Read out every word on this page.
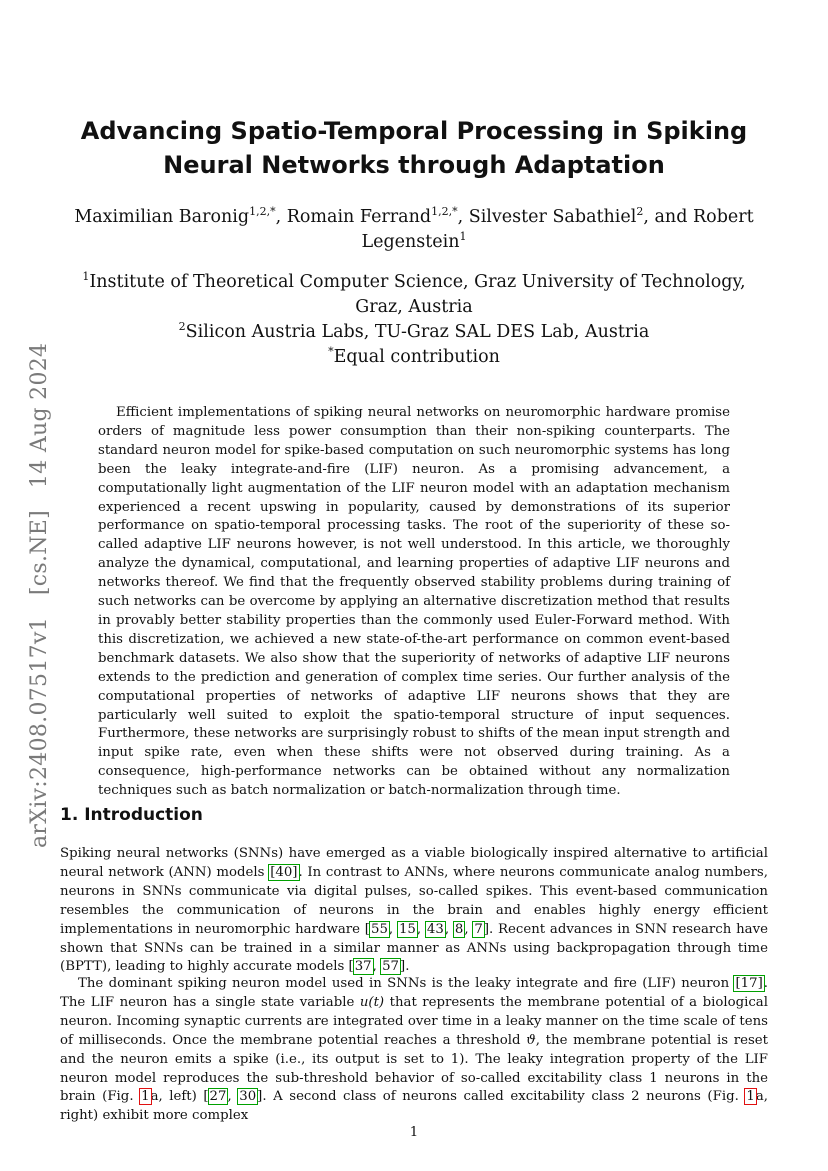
arXiv:2408.07517v1   [cs.NE]   14 Aug 2024
Advancing Spatio-Temporal Processing in Spiking
Neural Networks through Adaptation
Maximilian Baronig$^{1,2,*}$, Romain Ferrand$^{1,2,*}$, Silvester Sabathiel$^2$, and Robert Legenstein$^1$
$^1$Institute of Theoretical Computer Science, Graz University of Technology, Graz, Austria
$^2$Silicon Austria Labs, TU-Graz SAL DES Lab, Austria
*Equal contribution

Efficient implementations of spiking neural networks on neuromorphic hardware promise orders of magnitude less power consumption than their non-spiking counterparts. The standard neuron model for spike-based computation on such neuromorphic systems has long been the leaky integrate-and-fire (LIF) neuron. As a promising advancement, a computationally light augmentation of the LIF neuron model with an adaptation mechanism experienced a recent upswing in popularity, caused by demonstrations of its superior performance on spatio-temporal processing tasks. The root of the superiority of these so-called adaptive LIF neurons however, is not well understood. In this article, we thoroughly analyze the dynamical, computational, and learning properties of adaptive LIF neurons and networks thereof. We find that the frequently observed stability problems during training of such networks can be overcome by applying an alternative discretization method that results in provably better stability properties than the commonly used Euler-Forward method. With this discretization, we achieved a new state-of-the-art performance on common event-based benchmark datasets. We also show that the superiority of networks of adaptive LIF neurons extends to the prediction and generation of complex time series. Our further analysis of the computational properties of networks of adaptive LIF neurons shows that they are particularly well suited to exploit the spatio-temporal structure of input sequences. Furthermore, these networks are surprisingly robust to shifts of the mean input strength and input spike rate, even when these shifts were not observed during training. As a consequence, high-performance networks can be obtained without any normalization techniques such as batch normalization or batch-normalization through time.

1. Introduction

Spiking neural networks (SNNs) have emerged as a viable biologically inspired alternative to artificial neural network (ANN) models [40]. In contrast to ANNs, where neurons communicate analog numbers, neurons in SNNs communicate via digital pulses, so-called spikes. This event-based communication resembles the communication of neurons in the brain and enables highly energy efficient implementations in neuromorphic hardware [55, 15, 43, 8, 7]. Recent advances in SNN research have shown that SNNs can be trained in a similar manner as ANNs using backpropagation through time (BPTT), leading to highly accurate models [37, 57].

The dominant spiking neuron model used in SNNs is the leaky integrate and fire (LIF) neuron [17]. The LIF neuron has a single state variable u(t) that represents the membrane potential of a biological neuron. Incoming synaptic currents are integrated over time in a leaky manner on the time scale of tens of milliseconds. Once the membrane potential reaches a threshold ϑ, the membrane potential is reset and the neuron emits a spike (i.e., its output is set to 1). The leaky integration property of the LIF neuron model reproduces the sub-threshold behavior of so-called excitability class 1 neurons in the brain (Fig. 1a, left) [27, 30]. A second class of neurons called excitability class 2 neurons (Fig. 1a, right) exhibit more complex

1
